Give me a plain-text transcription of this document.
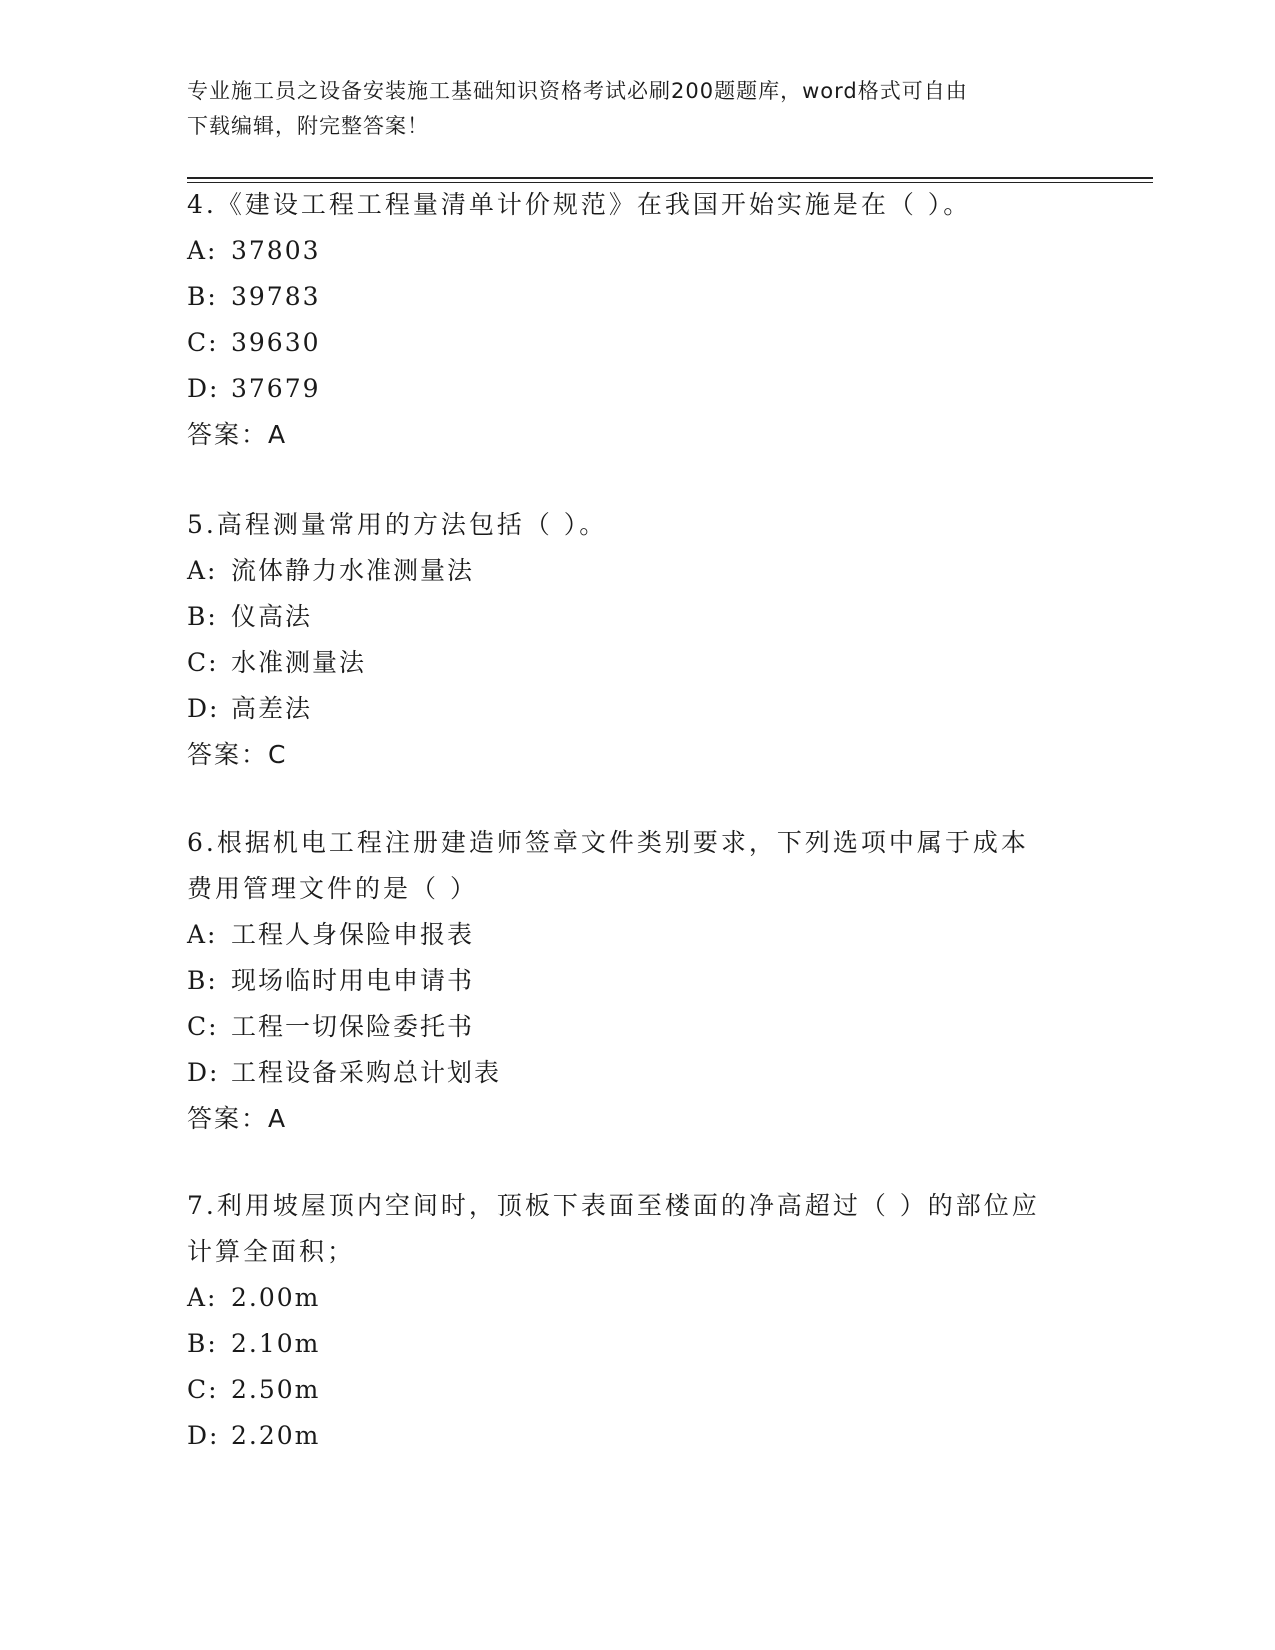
专业施工员之设备安装施工基础知识资格考试必刷200题题库，word格式可自由
下载编辑，附完整答案！

4.《建设工程工程量清单计价规范》在我国开始实施是在（ ）。

A: 37803

B: 39783

C: 39630

D: 37679

答案：A

5.高程测量常用的方法包括（ ）。

A: 流体静力水准测量法

B: 仪高法

C: 水准测量法

D: 高差法

答案：C

6.根据机电工程注册建造师签章文件类别要求，下列选项中属于成本

费用管理文件的是（ ）

A: 工程人身保险申报表

B: 现场临时用电申请书

C: 工程一切保险委托书

D: 工程设备采购总计划表

答案：A

7.利用坡屋顶内空间时，顶板下表面至楼面的净高超过（ ）的部位应

计算全面积；

A: 2.00m

B: 2.10m

C: 2.50m

D: 2.20m
